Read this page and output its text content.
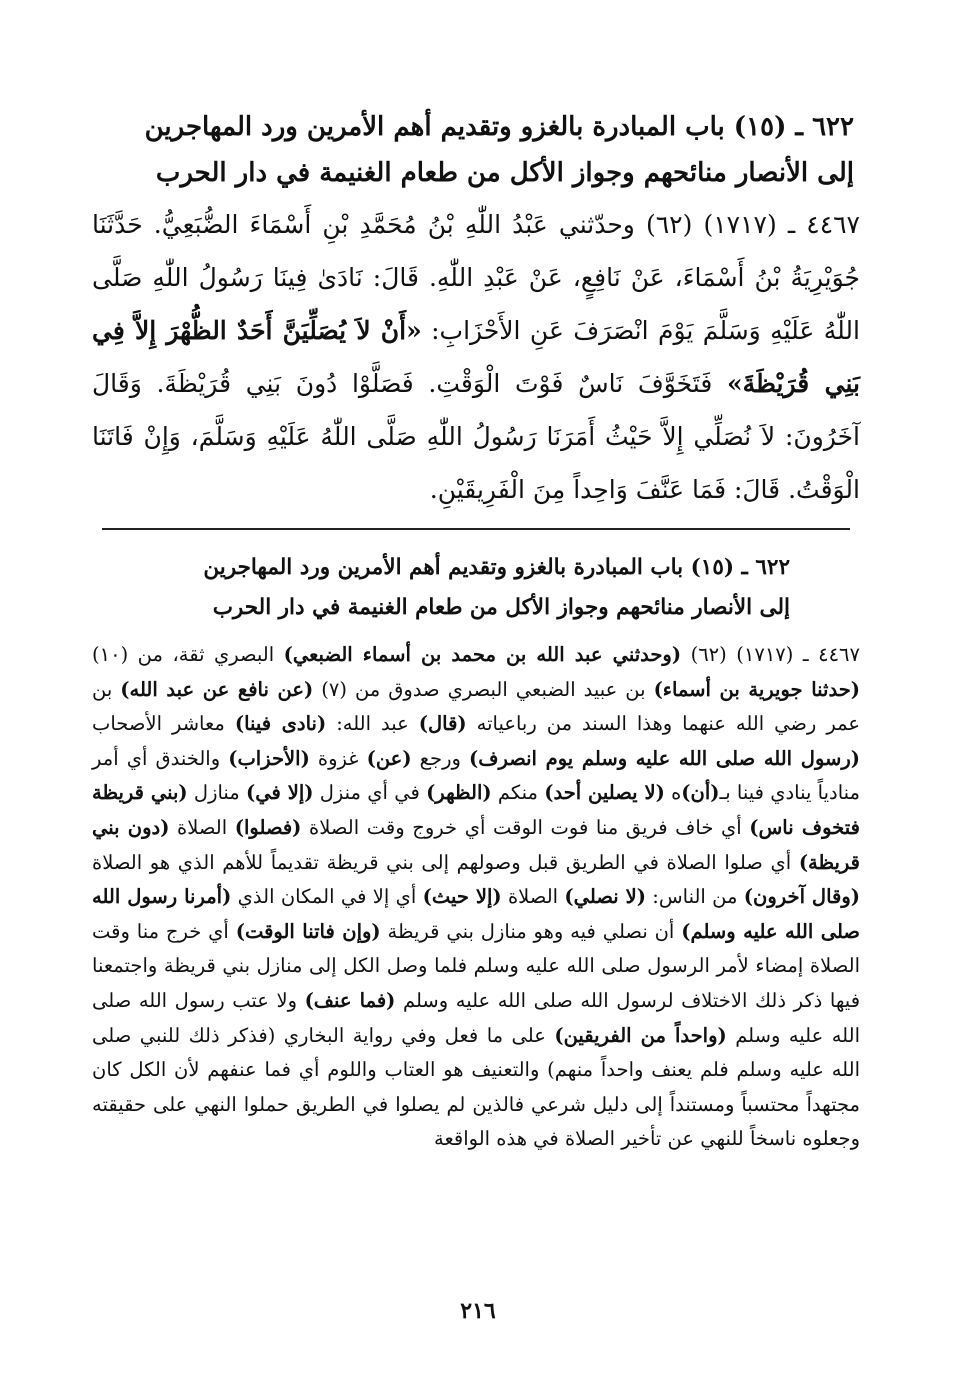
٦٢٢ ـ (١٥) باب المبادرة بالغزو وتقديم أهم الأمرين ورد المهاجرين
إلى الأنصار منائحهم وجواز الأكل من طعام الغنيمة في دار الحرب

٤٤٦٧ ـ (١٧١٧) (٦٢) وحدّثني عَبْدُ اللّٰهِ بْنُ مُحَمَّدِ بْنِ أَسْمَاءَ الضُّبَعِيُّ. حَدَّثَنَا جُوَيْرِيَةُ بْنُ أَسْمَاءَ، عَنْ نَافِعٍ، عَنْ عَبْدِ اللّٰهِ. قَالَ: نَادَىٰ فِينَا رَسُولُ اللّٰهِ صَلَّى اللّٰهُ عَلَيْهِ وَسَلَّمَ يَوْمَ انْصَرَفَ عَنِ الأَحْزَابِ: «أَنْ لاَ يُصَلِّيَنَّ أَحَدٌ الظُّهْرَ إِلاَّ فِي بَنِي قُرَيْظَةَ» فَتَخَوَّفَ نَاسٌ فَوْتَ الْوَقْتِ. فَصَلَّوْا دُونَ بَنِي قُرَيْظَةَ. وَقَالَ آخَرُونَ: لاَ نُصَلِّي إِلاَّ حَيْثُ أَمَرَنَا رَسُولُ اللّٰهِ صَلَّى اللّٰهُ عَلَيْهِ وَسَلَّمَ، وَإِنْ فَاتَنَا الْوَقْتُ. قَالَ: فَمَا عَنَّفَ وَاحِداً مِنَ الْفَرِيقَيْنِ.

٦٢٢ ـ (١٥) باب المبادرة بالغزو وتقديم أهم الأمرين ورد المهاجرين
إلى الأنصار منائحهم وجواز الأكل من طعام الغنيمة في دار الحرب

٤٤٦٧ ـ (١٧١٧) (٦٢) (وحدثني عبد الله بن محمد بن أسماء الضبعي) البصري ثقة، من (١٠) (حدثنا جويرية بن أسماء) بن عبيد الضبعي البصري صدوق من (٧) (عن نافع عن عبد الله) بن عمر رضي الله عنهما وهذا السند من رباعياته (قال) عبد الله: (نادى فينا) معاشر الأصحاب (رسول الله صلى الله عليه وسلم يوم انصرف) ورجع (عن) غزوة (الأحزاب) والخندق أي أمر منادياً ينادي فينا بـ(أن)ه (لا يصلين أحد) منكم (الظهر) في أي منزل (إلا في) منازل (بني قريظة فتخوف ناس) أي خاف فريق منا فوت الوقت أي خروج وقت الصلاة (فصلوا) الصلاة (دون بني قريظة) أي صلوا الصلاة في الطريق قبل وصولهم إلى بني قريظة تقديماً للأهم الذي هو الصلاة (وقال آخرون) من الناس: (لا نصلي) الصلاة (إلا حيث) أي إلا في المكان الذي (أمرنا رسول الله صلى الله عليه وسلم) أن نصلي فيه وهو منازل بني قريظة (وإن فاتنا الوقت) أي خرج منا وقت الصلاة إمضاء لأمر الرسول صلى الله عليه وسلم فلما وصل الكل إلى منازل بني قريظة واجتمعنا فيها ذكر ذلك الاختلاف لرسول الله صلى الله عليه وسلم (فما عنف) ولا عتب رسول الله صلى الله عليه وسلم (واحداً من الفريقين) على ما فعل وفي رواية البخاري (فذكر ذلك للنبي صلى الله عليه وسلم فلم يعنف واحداً منهم) والتعنيف هو العتاب واللوم أي فما عنفهم لأن الكل كان مجتهداً محتسباً ومستنداً إلى دليل شرعي فالذين لم يصلوا في الطريق حملوا النهي على حقيقته وجعلوه ناسخاً للنهي عن تأخير الصلاة في هذه الواقعة

٢١٦
